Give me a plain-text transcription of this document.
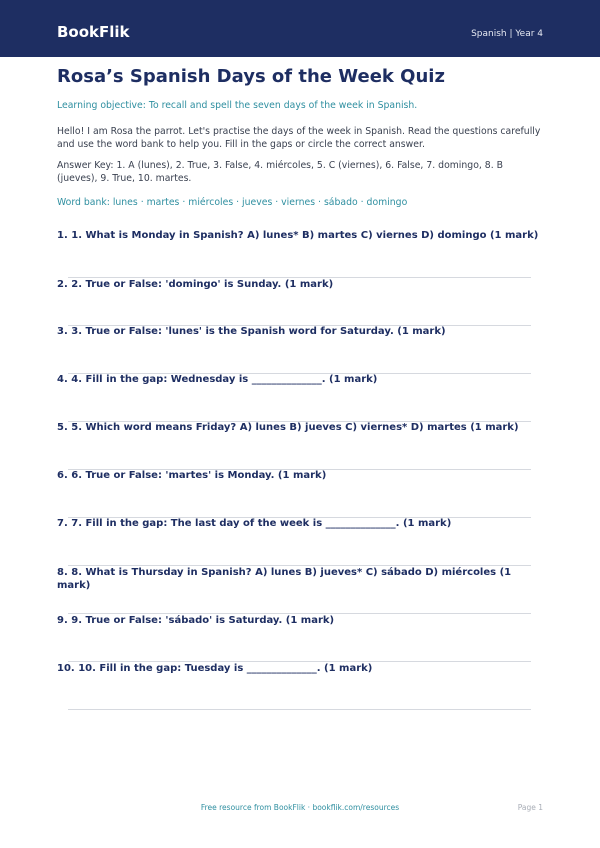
BookFlik	Spanish | Year 4
Rosa’s Spanish Days of the Week Quiz
Learning objective: To recall and spell the seven days of the week in Spanish.
Hello! I am Rosa the parrot. Let's practise the days of the week in Spanish. Read the questions carefully and use the word bank to help you. Fill in the gaps or circle the correct answer.
Answer Key: 1. A (lunes), 2. True, 3. False, 4. miércoles, 5. C (viernes), 6. False, 7. domingo, 8. B (jueves), 9. True, 10. martes.
Word bank: lunes · martes · miércoles · jueves · viernes · sábado · domingo
1. 1. What is Monday in Spanish? A) lunes* B) martes C) viernes D) domingo (1 mark)
2. 2. True or False: 'domingo' is Sunday. (1 mark)
3. 3. True or False: 'lunes' is the Spanish word for Saturday. (1 mark)
4. 4. Fill in the gap: Wednesday is ______________. (1 mark)
5. 5. Which word means Friday? A) lunes B) jueves C) viernes* D) martes (1 mark)
6. 6. True or False: 'martes' is Monday. (1 mark)
7. 7. Fill in the gap: The last day of the week is ______________. (1 mark)
8. 8. What is Thursday in Spanish? A) lunes B) jueves* C) sábado D) miércoles (1 mark)
9. 9. True or False: 'sábado' is Saturday. (1 mark)
10. 10. Fill in the gap: Tuesday is ______________. (1 mark)
Free resource from BookFlik · bookflik.com/resources	Page 1
